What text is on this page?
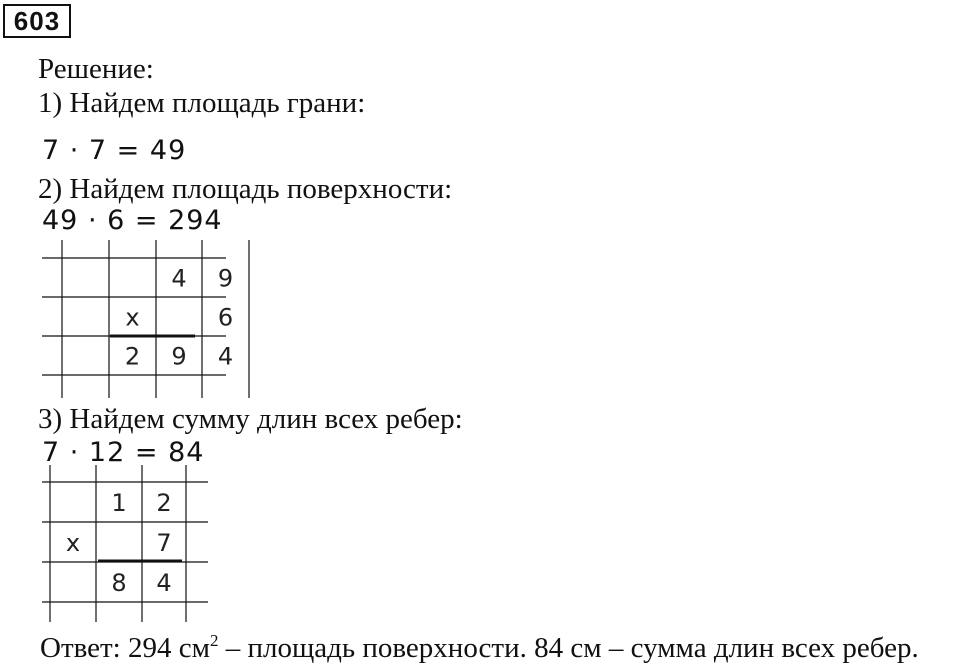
603
Решение:
1) Найдем площадь грани:
7 · 7 = 49
2) Найдем площадь поверхности:
49 · 6 = 294
4 9
x	6
2 9 4
3) Найдем сумму длин всех ребер:
7 · 12 = 84
1 2
x	7
8 4
Ответ: 294 $см^2$ – площадь поверхности. 84 см – сумма длин всех ребер.
